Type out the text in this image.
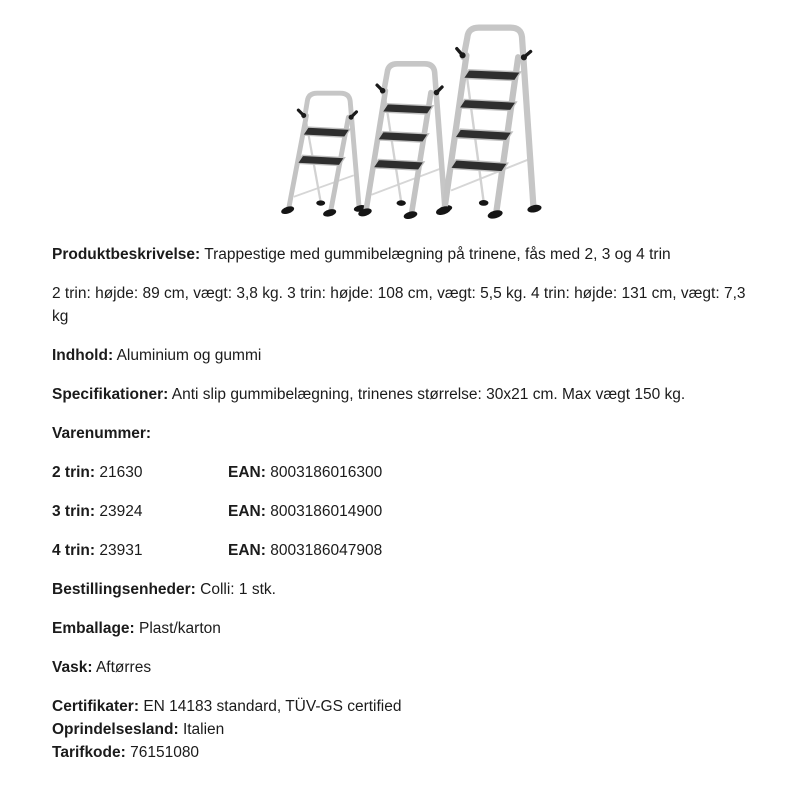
Produktbeskrivelse: Trappestige med gummibelægning på trinene, fås med 2, 3 og 4 trin

2 trin: højde: 89 cm, vægt: 3,8 kg. 3 trin: højde: 108 cm, vægt: 5,5 kg. 4 trin: højde: 131 cm, vægt: 7,3 kg

Indhold: Aluminium og gummi

Specifikationer: Anti slip gummibelægning, trinenes størrelse: 30x21 cm. Max vægt 150 kg.

Varenummer:

2 trin: 21630	EAN: 8003186016300

3 trin: 23924	EAN: 8003186014900

4 trin: 23931	EAN: 8003186047908

Bestillingsenheder: Colli: 1 stk.

Emballage: Plast/karton

Vask: Aftørres

Certifikater: EN 14183 standard, TÜV-GS certified
Oprindelsesland: Italien
Tarifkode: 76151080
